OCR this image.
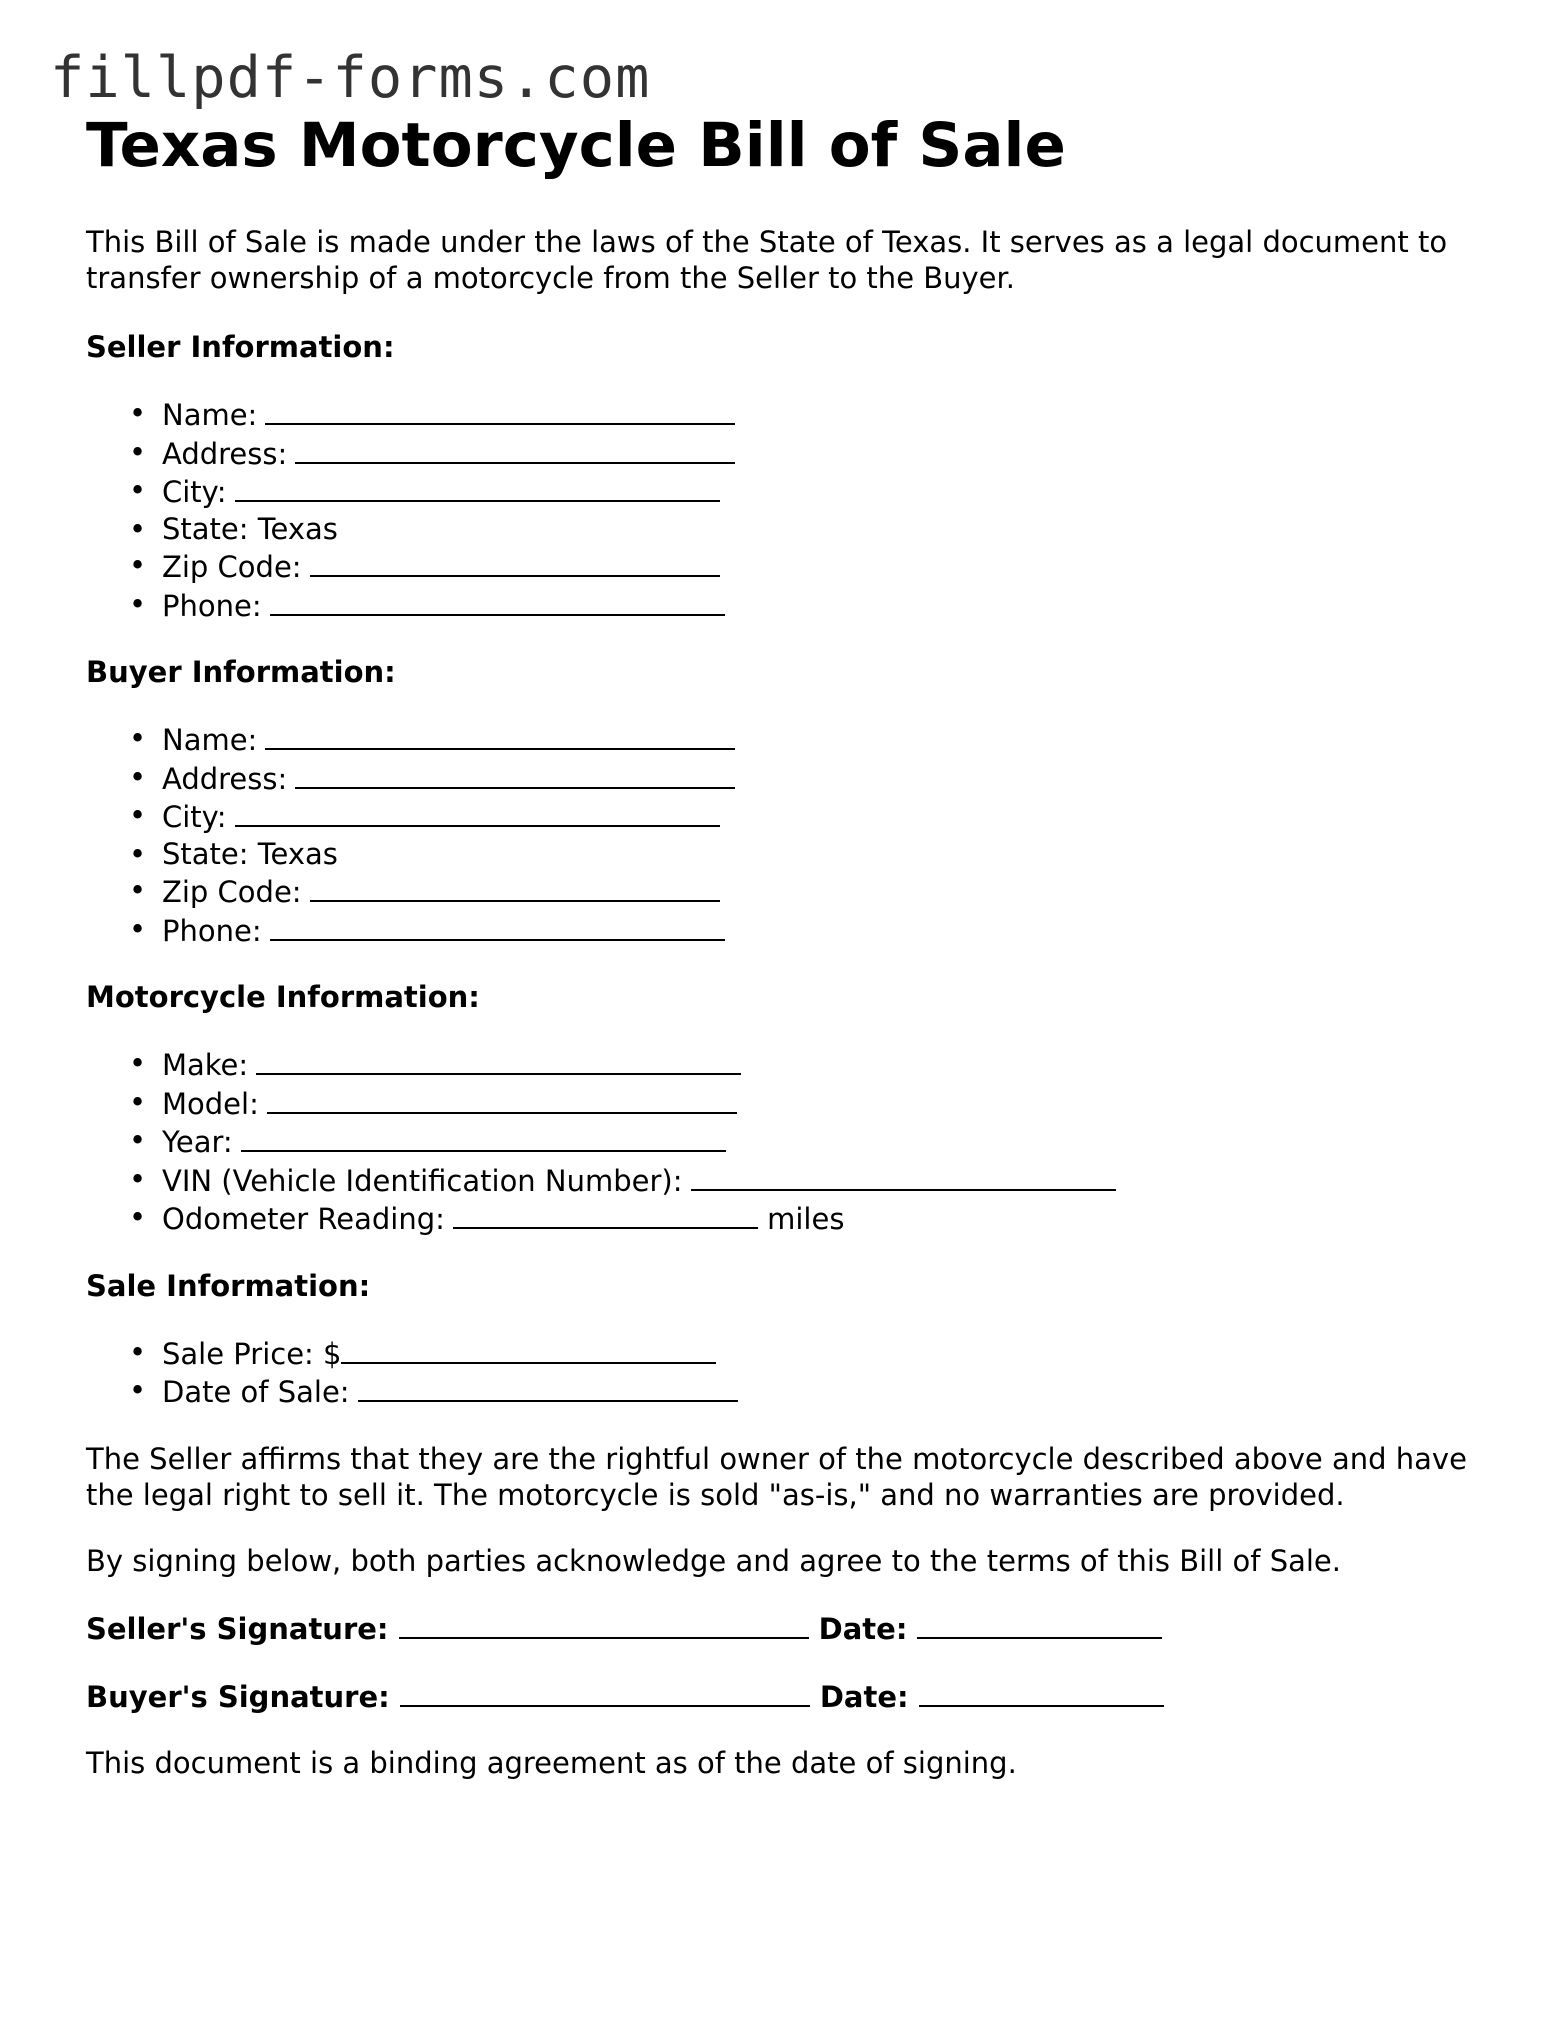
fillpdf-forms.com
Texas Motorcycle Bill of Sale

This Bill of Sale is made under the laws of the State of Texas. It serves as a legal document to transfer ownership of a motorcycle from the Seller to the Buyer.

Seller Information:

• Name:
• Address:
• City:
• State: Texas
• Zip Code:
• Phone:

Buyer Information:

• Name:
• Address:
• City:
• State: Texas
• Zip Code:
• Phone:

Motorcycle Information:

• Make:
• Model:
• Year:
• VIN (Vehicle Identification Number):
• Odometer Reading:	miles

Sale Information:

• Sale Price: $
• Date of Sale:

The Seller affirms that they are the rightful owner of the motorcycle described above and have the legal right to sell it. The motorcycle is sold "as-is," and no warranties are provided.

By signing below, both parties acknowledge and agree to the terms of this Bill of Sale.

Seller's Signature:	Date:

Buyer's Signature:	Date:

This document is a binding agreement as of the date of signing.
